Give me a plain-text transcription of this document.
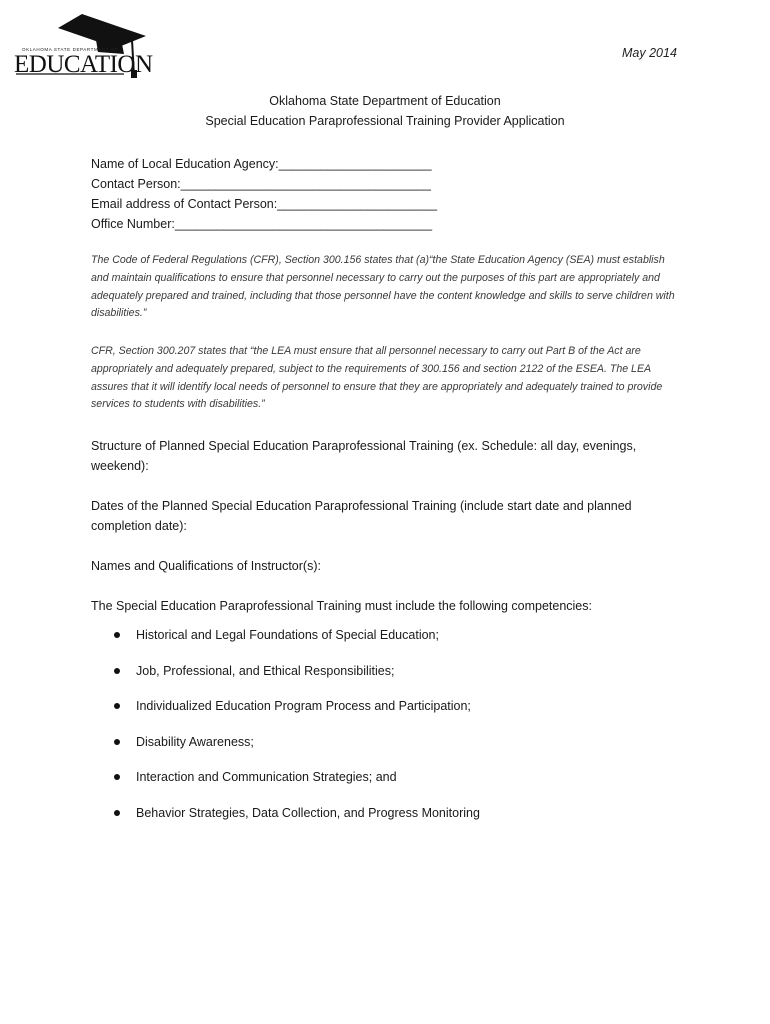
OKLAHOMA STATE DEPARTMENT OF
EDUCATION	May 2014
Oklahoma State Department of Education
Special Education Paraprofessional Training Provider Application
Name of Local Education Agency:______________________
Contact Person:____________________________________
Email address of Contact Person:_______________________
Office Number:_____________________________________
The Code of Federal Regulations (CFR), Section 300.156 states that (a)“the State Education Agency (SEA) must establish and maintain qualifications to ensure that personnel necessary to carry out the purposes of this part are appropriately and adequately prepared and trained, including that those personnel have the content knowledge and skills to serve children with disabilities.”
CFR, Section 300.207 states that “the LEA must ensure that all personnel necessary to carry out Part B of the Act are appropriately and adequately prepared, subject to the requirements of 300.156 and section 2122 of the ESEA. The LEA assures that it will identify local needs of personnel to ensure that they are appropriately and adequately trained to provide services to students with disabilities.”
Structure of Planned Special Education Paraprofessional Training (ex. Schedule: all day, evenings, weekend):
Dates of the Planned Special Education Paraprofessional Training (include start date and planned completion date):
Names and Qualifications of Instructor(s):
The Special Education Paraprofessional Training must include the following competencies:
Historical and Legal Foundations of Special Education;
Job, Professional, and Ethical Responsibilities;
Individualized Education Program Process and Participation;
Disability Awareness;
Interaction and Communication Strategies; and
Behavior Strategies, Data Collection, and Progress Monitoring
